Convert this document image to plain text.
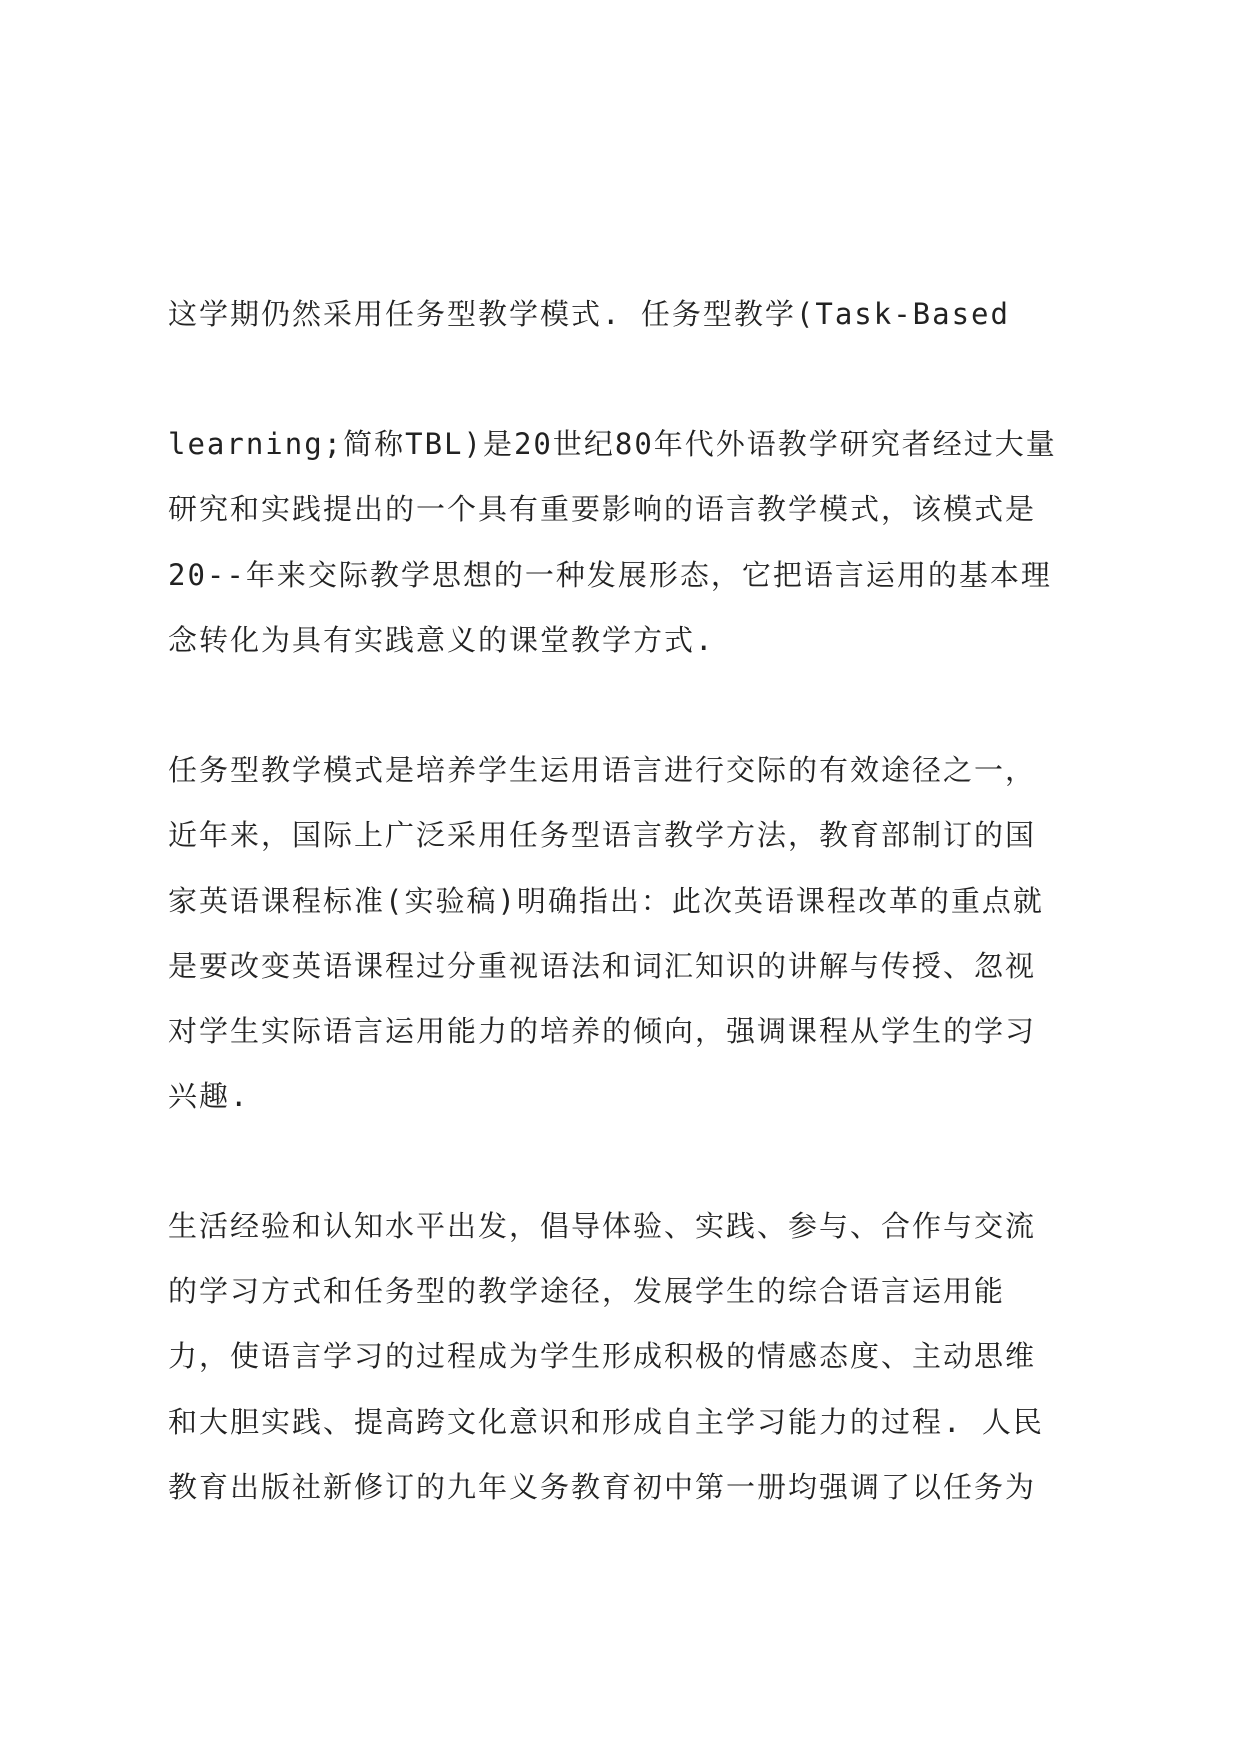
这学期仍然采用任务型教学模式. 任务型教学(Task-Based

learning;简称TBL)是20世纪80年代外语教学研究者经过大量

研究和实践提出的一个具有重要影响的语言教学模式，该模式是

20--年来交际教学思想的一种发展形态，它把语言运用的基本理

念转化为具有实践意义的课堂教学方式.

任务型教学模式是培养学生运用语言进行交际的有效途径之一，

近年来，国际上广泛采用任务型语言教学方法，教育部制订的国

家英语课程标准(实验稿)明确指出：此次英语课程改革的重点就

是要改变英语课程过分重视语法和词汇知识的讲解与传授、忽视

对学生实际语言运用能力的培养的倾向，强调课程从学生的学习

兴趣.

生活经验和认知水平出发，倡导体验、实践、参与、合作与交流

的学习方式和任务型的教学途径，发展学生的综合语言运用能

力，使语言学习的过程成为学生形成积极的情感态度、主动思维

和大胆实践、提高跨文化意识和形成自主学习能力的过程. 人民

教育出版社新修订的九年义务教育初中第一册均强调了以任务为
